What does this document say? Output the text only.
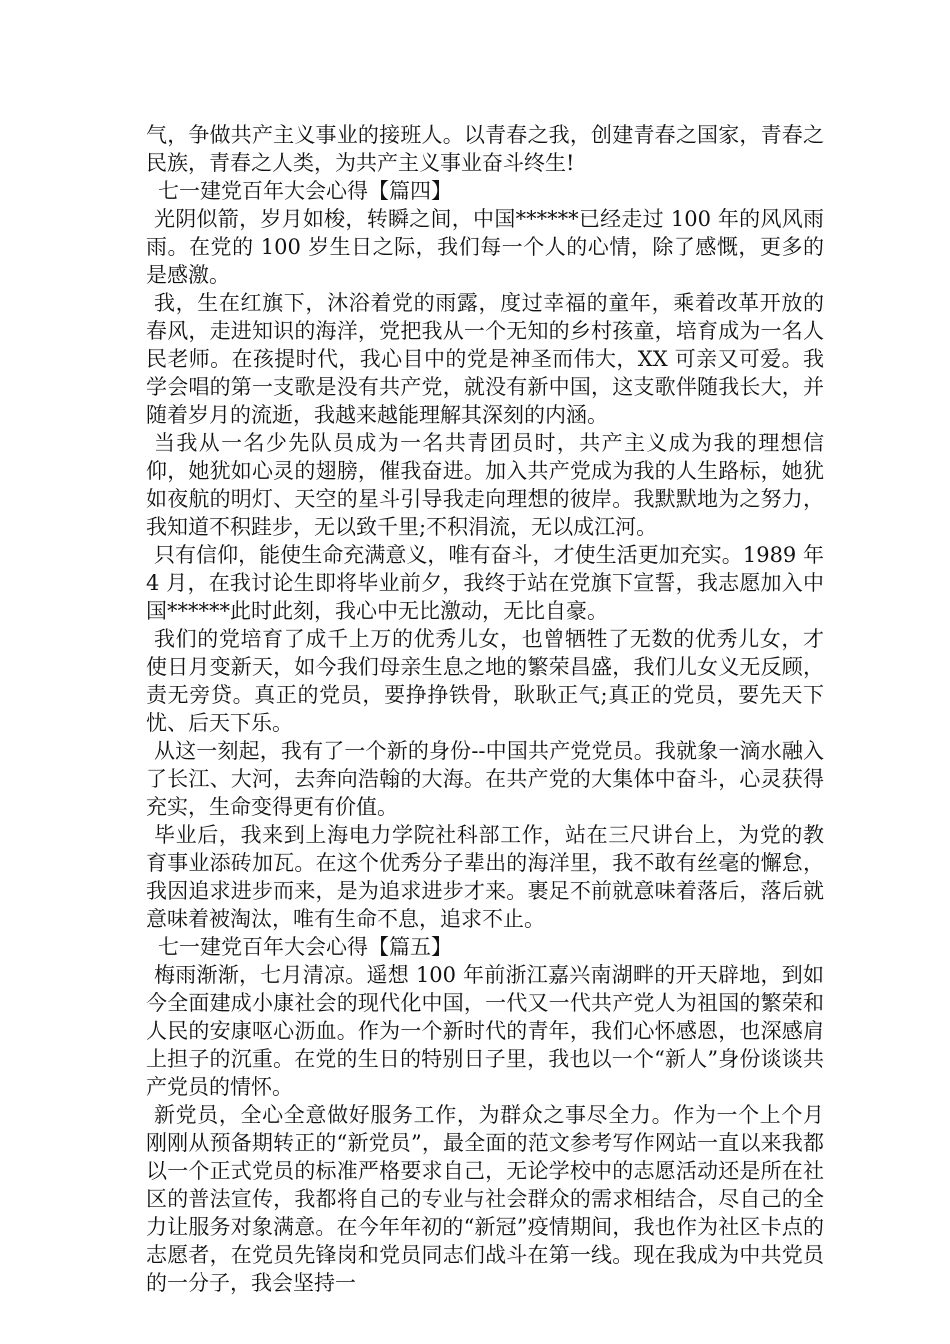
气，争做共产主义事业的接班人。以青春之我，创建青春之国家，青春之民族，青春之人类，为共产主义事业奋斗终生!

七一建党百年大会心得【篇四】

光阴似箭，岁月如梭，转瞬之间，中国******已经走过 100 年的风风雨雨。在党的 100 岁生日之际，我们每一个人的心情，除了感慨，更多的是感激。

我，生在红旗下，沐浴着党的雨露，度过幸福的童年，乘着改革开放的春风，走进知识的海洋，党把我从一个无知的乡村孩童，培育成为一名人民老师。在孩提时代，我心目中的党是神圣而伟大，XX 可亲又可爱。我学会唱的第一支歌是没有共产党，就没有新中国，这支歌伴随我长大，并随着岁月的流逝，我越来越能理解其深刻的内涵。

当我从一名少先队员成为一名共青团员时，共产主义成为我的理想信仰，她犹如心灵的翅膀，催我奋进。加入共产党成为我的人生路标，她犹如夜航的明灯、天空的星斗引导我走向理想的彼岸。我默默地为之努力，我知道不积跬步，无以致千里;不积涓流，无以成江河。

只有信仰，能使生命充满意义，唯有奋斗，才使生活更加充实。1989 年 4 月，在我讨论生即将毕业前夕，我终于站在党旗下宣誓，我志愿加入中国******此时此刻，我心中无比激动，无比自豪。

我们的党培育了成千上万的优秀儿女，也曾牺牲了无数的优秀儿女，才使日月变新天，如今我们母亲生息之地的繁荣昌盛，我们儿女义无反顾，责无旁贷。真正的党员，要挣挣铁骨，耿耿正气;真正的党员，要先天下忧、后天下乐。

从这一刻起，我有了一个新的身份--中国共产党党员。我就象一滴水融入了长江、大河，去奔向浩翰的大海。在共产党的大集体中奋斗，心灵获得充实，生命变得更有价值。

毕业后，我来到上海电力学院社科部工作，站在三尺讲台上，为党的教育事业添砖加瓦。在这个优秀分子辈出的海洋里，我不敢有丝毫的懈怠，我因追求进步而来，是为追求进步才来。裹足不前就意味着落后，落后就意味着被淘汰，唯有生命不息，追求不止。

七一建党百年大会心得【篇五】

梅雨渐渐，七月清凉。遥想 100 年前浙江嘉兴南湖畔的开天辟地，到如今全面建成小康社会的现代化中国，一代又一代共产党人为祖国的繁荣和人民的安康呕心沥血。作为一个新时代的青年，我们心怀感恩，也深感肩上担子的沉重。在党的生日的特别日子里，我也以一个“新人”身份谈谈共产党员的情怀。

新党员，全心全意做好服务工作，为群众之事尽全力。作为一个上个月刚刚从预备期转正的“新党员”，最全面的范文参考写作网站一直以来我都以一个正式党员的标准严格要求自己，无论学校中的志愿活动还是所在社区的普法宣传，我都将自己的专业与社会群众的需求相结合，尽自己的全力让服务对象满意。在今年年初的“新冠”疫情期间，我也作为社区卡点的志愿者，在党员先锋岗和党员同志们战斗在第一线。现在我成为中共党员的一分子，我会坚持一
